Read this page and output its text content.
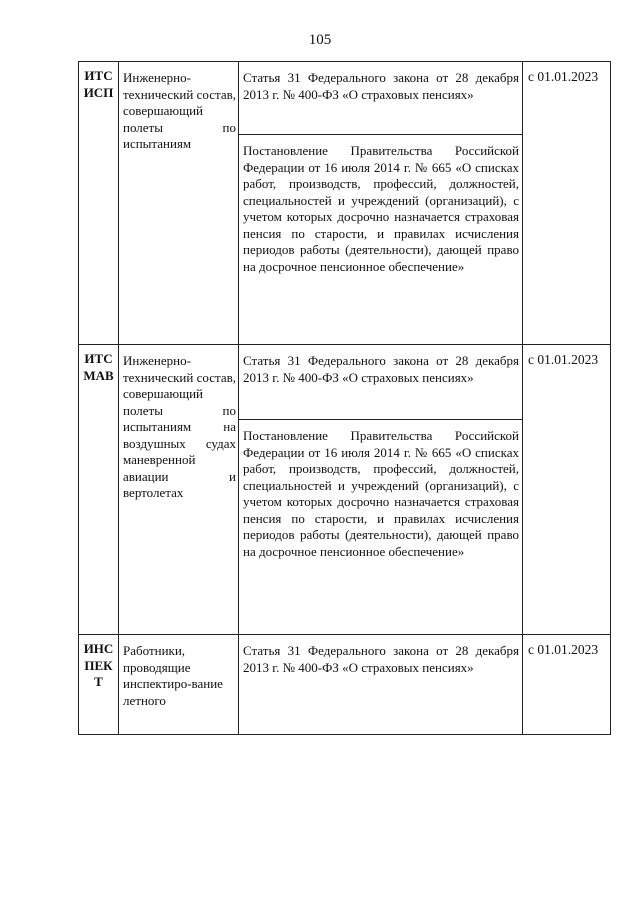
105
ИТС ИСП	Инженерно-технический состав, совершающий полеты по испытаниям	Статья 31 Федерального закона от 28 декабря 2013 г. № 400-ФЗ «О страховых пенсиях»
Постановление Правительства Российской Федерации от 16 июля 2014 г. № 665 «О списках работ, производств, профессий, должностей, специальностей и учреждений (организаций), с учетом которых досрочно назначается страховая пенсия по старости, и правилах исчисления периодов работы (деятельности), дающей право на досрочное пенсионное обеспечение»	с 01.01.2023

ИТС МАВ	Инженерно-технический состав, совершающий полеты по испытаниям на воздушных судах маневренной авиации и вертолетах	Статья 31 Федерального закона от 28 декабря 2013 г. № 400-ФЗ «О страховых пенсиях»
Постановление Правительства Российской Федерации от 16 июля 2014 г. № 665 «О списках работ, производств, профессий, должностей, специальностей и учреждений (организаций), с учетом которых досрочно назначается страховая пенсия по старости, и правилах исчисления периодов работы (деятельности), дающей право на досрочное пенсионное обеспечение»	с 01.01.2023

ИНС ПЕК Т	Работники, проводящие инспектиро-вание летного	Статья 31 Федерального закона от 28 декабря 2013 г. № 400-ФЗ «О страховых пенсиях»	с 01.01.2023
